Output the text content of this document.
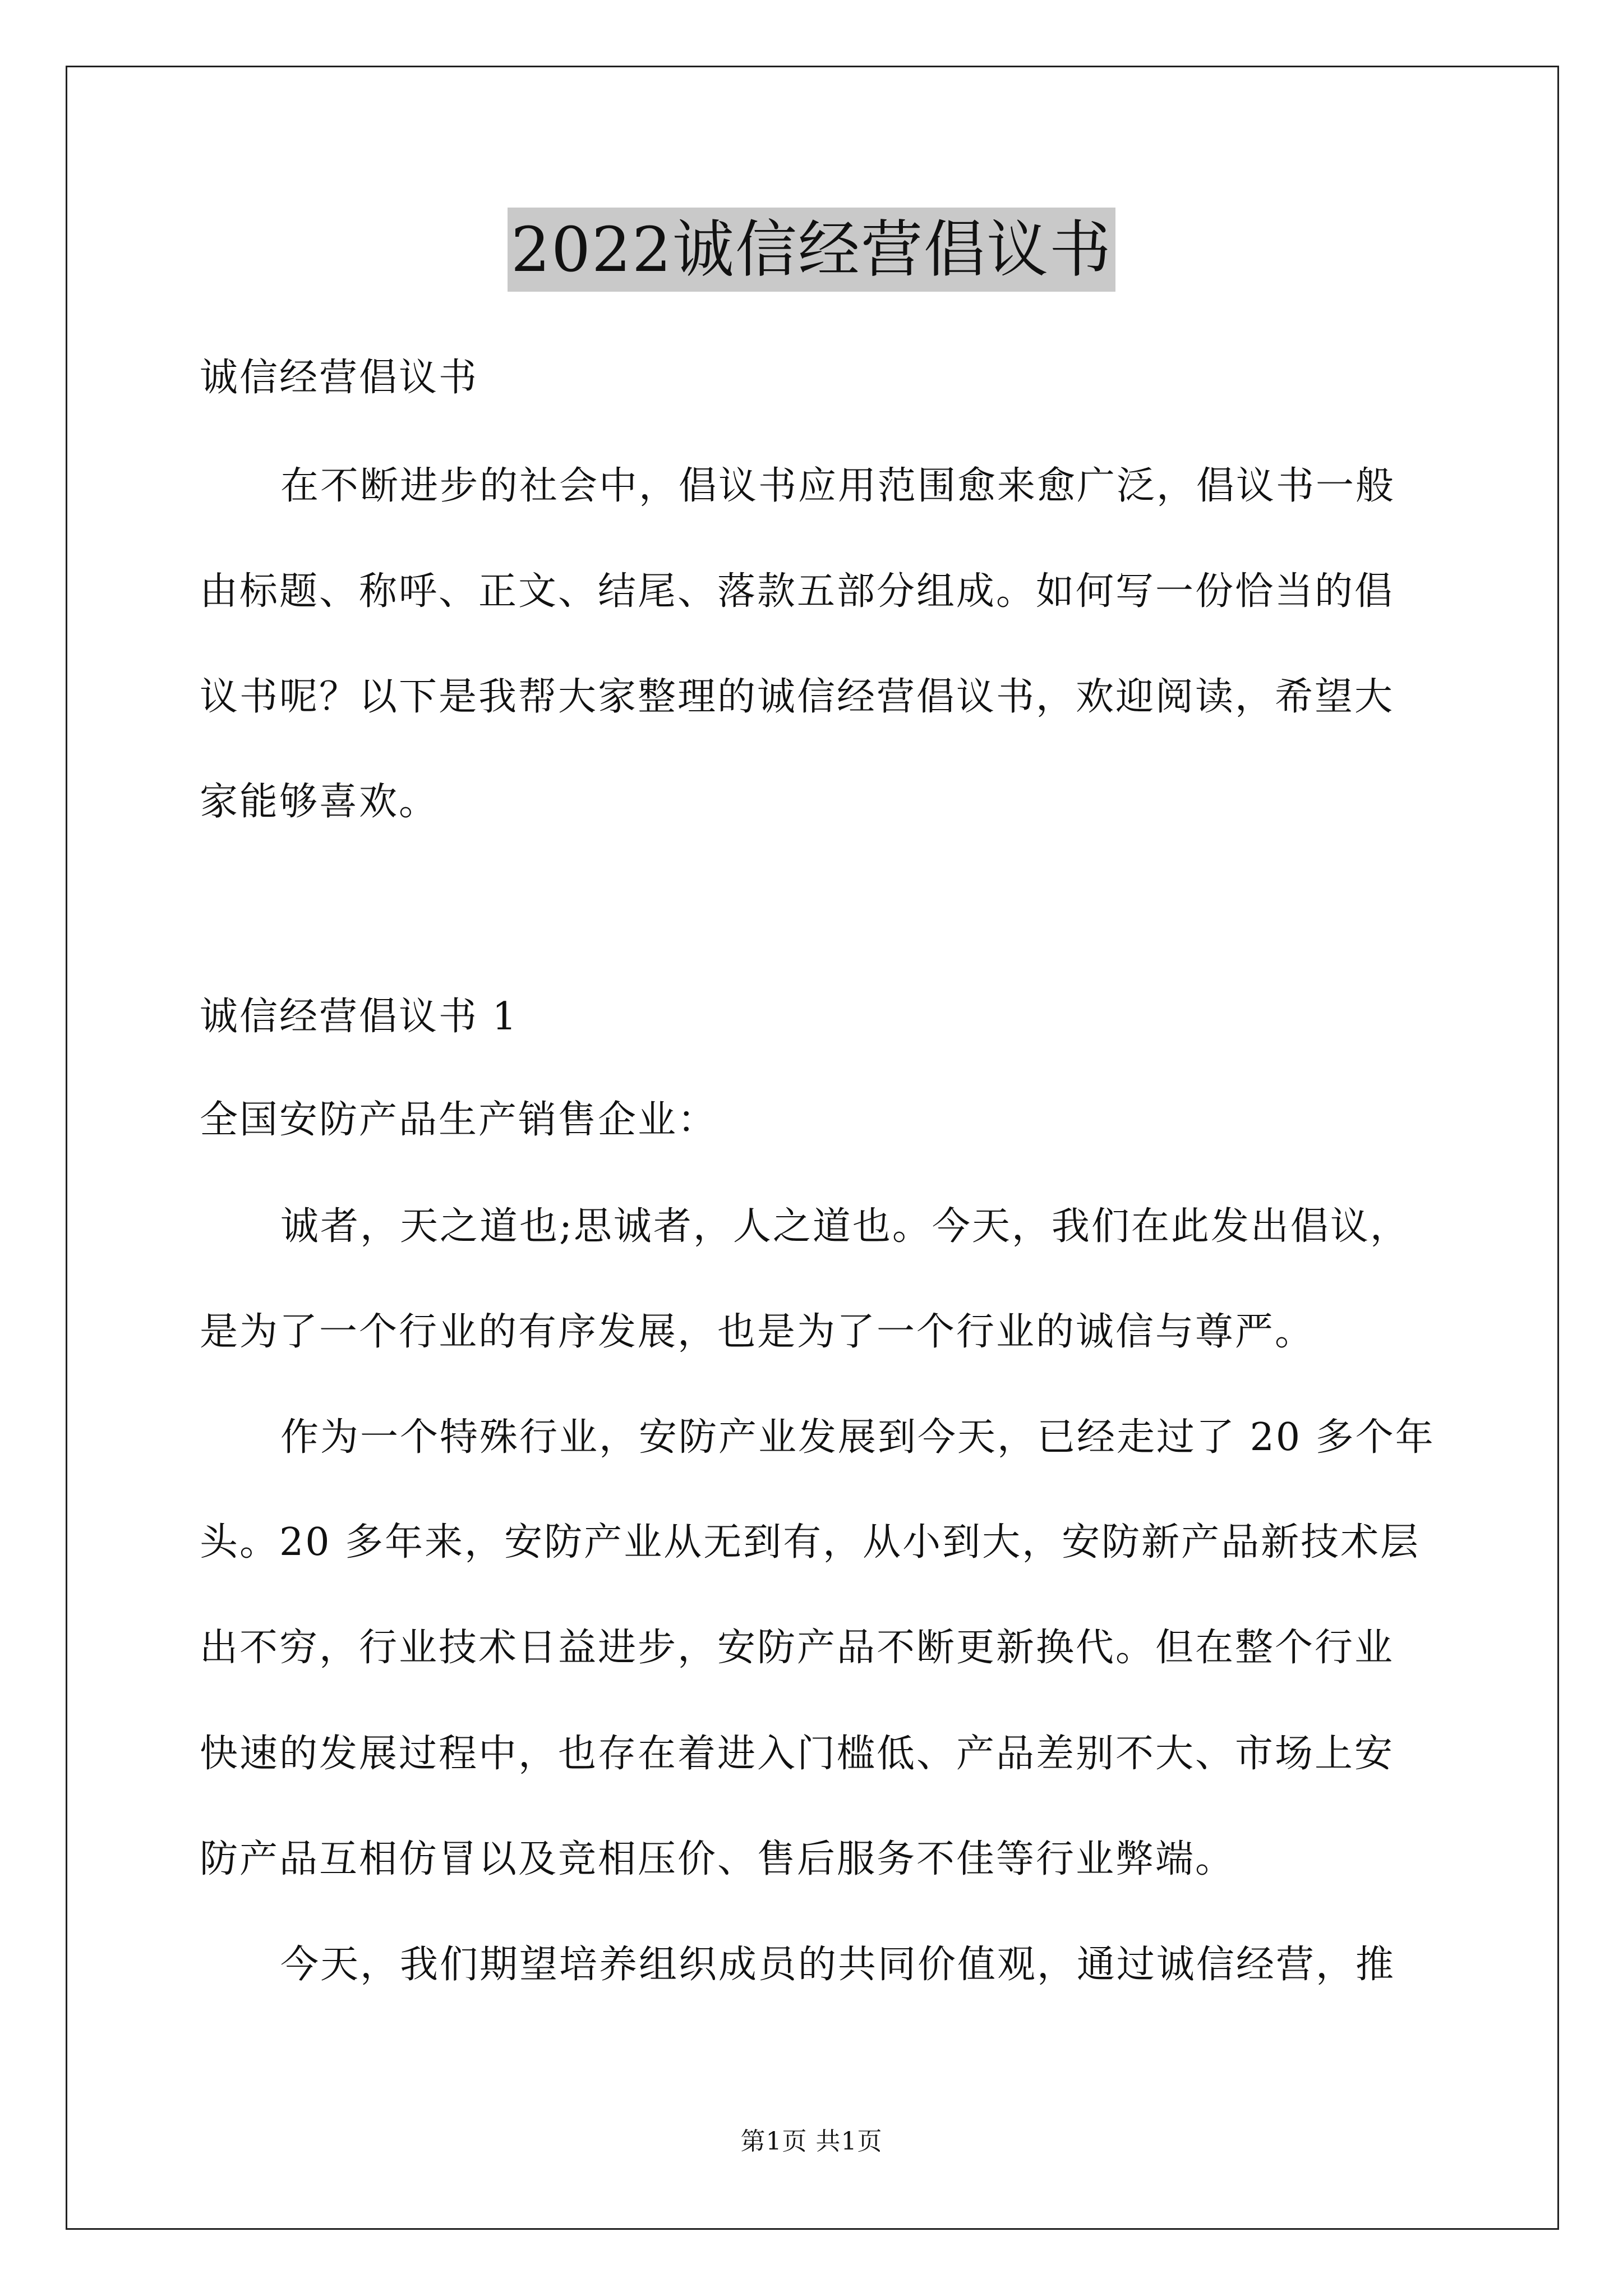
2022诚信经营倡议书
诚信经营倡议书
在不断进步的社会中，倡议书应用范围愈来愈广泛，倡议书一般
由标题、称呼、正文、结尾、落款五部分组成。如何写一份恰当的倡
议书呢？以下是我帮大家整理的诚信经营倡议书，欢迎阅读，希望大
家能够喜欢。
诚信经营倡议书 1
全国安防产品生产销售企业：
诚者，天之道也;思诚者，人之道也。今天，我们在此发出倡议，
是为了一个行业的有序发展，也是为了一个行业的诚信与尊严。
作为一个特殊行业，安防产业发展到今天，已经走过了 20 多个年
头。20 多年来，安防产业从无到有，从小到大，安防新产品新技术层
出不穷，行业技术日益进步，安防产品不断更新换代。但在整个行业
快速的发展过程中，也存在着进入门槛低、产品差别不大、市场上安
防产品互相仿冒以及竞相压价、售后服务不佳等行业弊端。
今天，我们期望培养组织成员的共同价值观，通过诚信经营，推
第1页 共1页
